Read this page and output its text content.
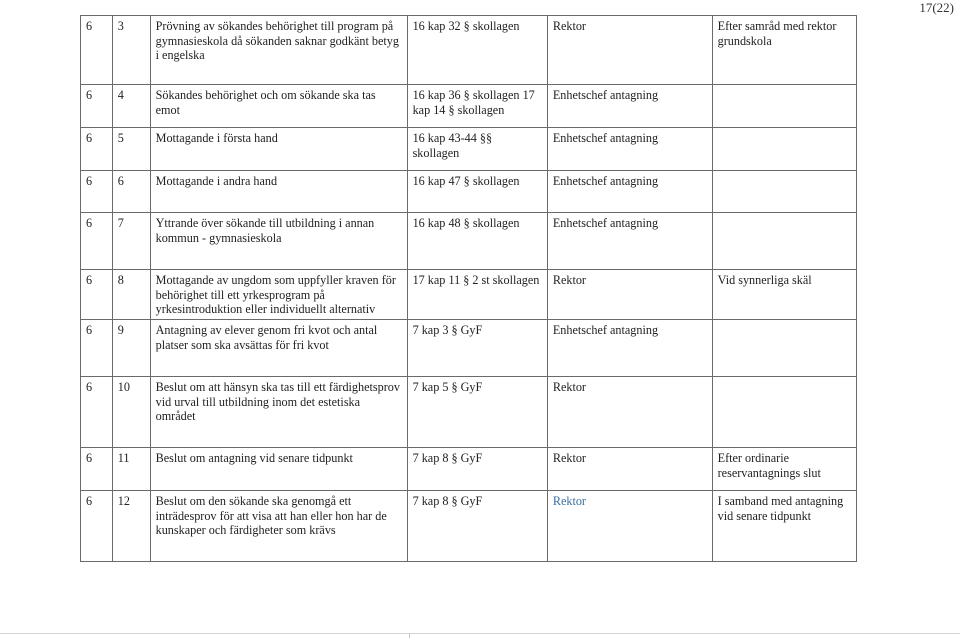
17(22)
6	3	Prövning av sökandes behörighet till program på gymnasieskola då sökanden saknar godkänt betyg i engelska	16 kap 32 § skollagen	Rektor	Efter samråd med rektor grundskola
6	4	Sökandes behörighet och om sökande ska tas emot	16 kap 36 § skollagen 17 kap 14 § skollagen	Enhetschef antagning	
6	5	Mottagande i första hand	16 kap 43-44 §§ skollagen	Enhetschef antagning	
6	6	Mottagande i andra hand	16 kap 47 § skollagen	Enhetschef antagning	
6	7	Yttrande över sökande till utbildning i annan kommun - gymnasieskola	16 kap 48 § skollagen	Enhetschef antagning	
6	8	Mottagande av ungdom som uppfyller kraven för behörighet till ett yrkesprogram på yrkesintroduktion eller individuellt alternativ	17 kap 11 § 2 st skollagen	Rektor	Vid synnerliga skäl
6	9	Antagning av elever genom fri kvot och antal platser som ska avsättas för fri kvot	7 kap 3 § GyF	Enhetschef antagning	
6	10	Beslut om att hänsyn ska tas till ett färdighetsprov vid urval till utbildning inom det estetiska området	7 kap 5 § GyF	Rektor	
6	11	Beslut om antagning vid senare tidpunkt	7 kap 8 § GyF	Rektor	Efter ordinarie reservantagnings slut
6	12	Beslut om den sökande ska genomgå ett inträdesprov för att visa att han eller hon har de kunskaper och färdigheter som krävs	7 kap 8 § GyF	Rektor	I samband med antagning vid senare tidpunkt
